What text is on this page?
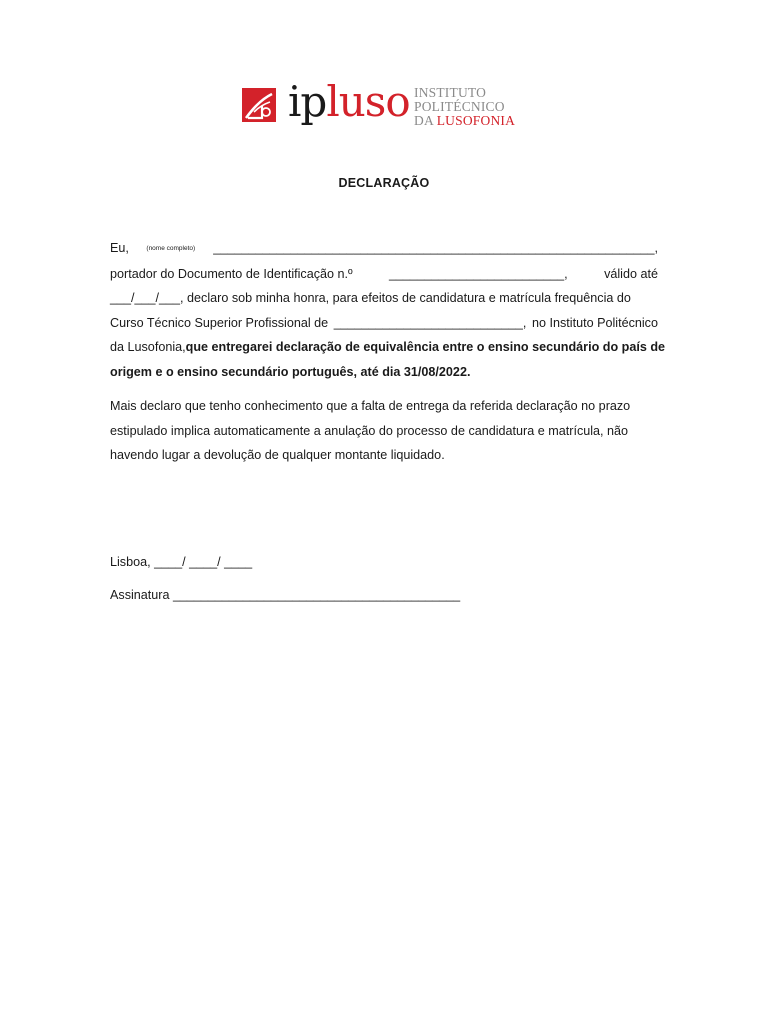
ipluso INSTITUTO
POLITÉCNICO
DA LUSOFONIA
DECLARAÇÃO
Eu,	(nome completo) _______________________________________________________________,
portador do Documento de Identificação n.º	_________________________,	válido até
___/___/___, declaro sob minha honra, para efeitos de candidatura e matrícula frequência do
Curso Técnico Superior Profissional de ___________________________, no Instituto Politécnico
da Lusofonia, que entregarei declaração de equivalência entre o ensino secundário do país de
origem e o ensino secundário português, até dia 31/08/2022.
Mais declaro que tenho conhecimento que a falta de entrega da referida declaração no prazo
estipulado implica automaticamente a anulação do processo de candidatura e matrícula, não
havendo lugar a devolução de qualquer montante liquidado.
Lisboa, ____/ ____/ ____
Assinatura _________________________________________
